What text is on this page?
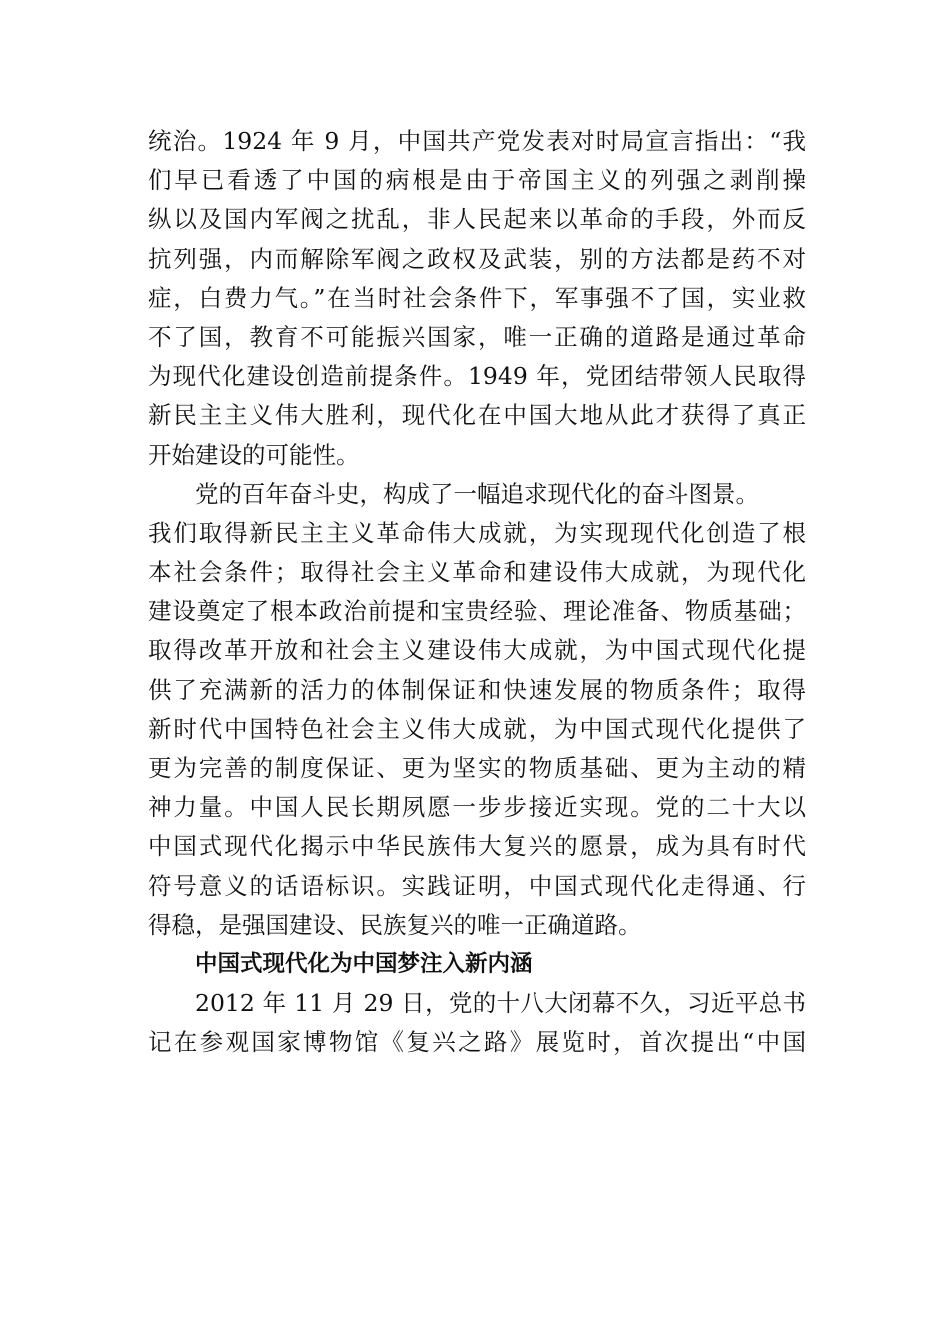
统治。1924 年 9 月，中国共产党发表对时局宣言指出：“我
们早已看透了中国的病根是由于帝国主义的列强之剥削操
纵以及国内军阀之扰乱，非人民起来以革命的手段，外而反
抗列强，内而解除军阀之政权及武装，别的方法都是药不对
症，白费力气。”在当时社会条件下，军事强不了国，实业救
不了国，教育不可能振兴国家，唯一正确的道路是通过革命
为现代化建设创造前提条件。1949 年，党团结带领人民取得
新民主主义伟大胜利，现代化在中国大地从此才获得了真正
开始建设的可能性。
党的百年奋斗史，构成了一幅追求现代化的奋斗图景。
我们取得新民主主义革命伟大成就，为实现现代化创造了根
本社会条件；取得社会主义革命和建设伟大成就，为现代化
建设奠定了根本政治前提和宝贵经验、理论准备、物质基础；
取得改革开放和社会主义建设伟大成就，为中国式现代化提
供了充满新的活力的体制保证和快速发展的物质条件；取得
新时代中国特色社会主义伟大成就，为中国式现代化提供了
更为完善的制度保证、更为坚实的物质基础、更为主动的精
神力量。中国人民长期夙愿一步步接近实现。党的二十大以
中国式现代化揭示中华民族伟大复兴的愿景，成为具有时代
符号意义的话语标识。实践证明，中国式现代化走得通、行
得稳，是强国建设、民族复兴的唯一正确道路。
中国式现代化为中国梦注入新内涵
2012 年 11 月 29 日，党的十八大闭幕不久，习近平总书
记在参观国家博物馆《复兴之路》展览时，首次提出“中国
